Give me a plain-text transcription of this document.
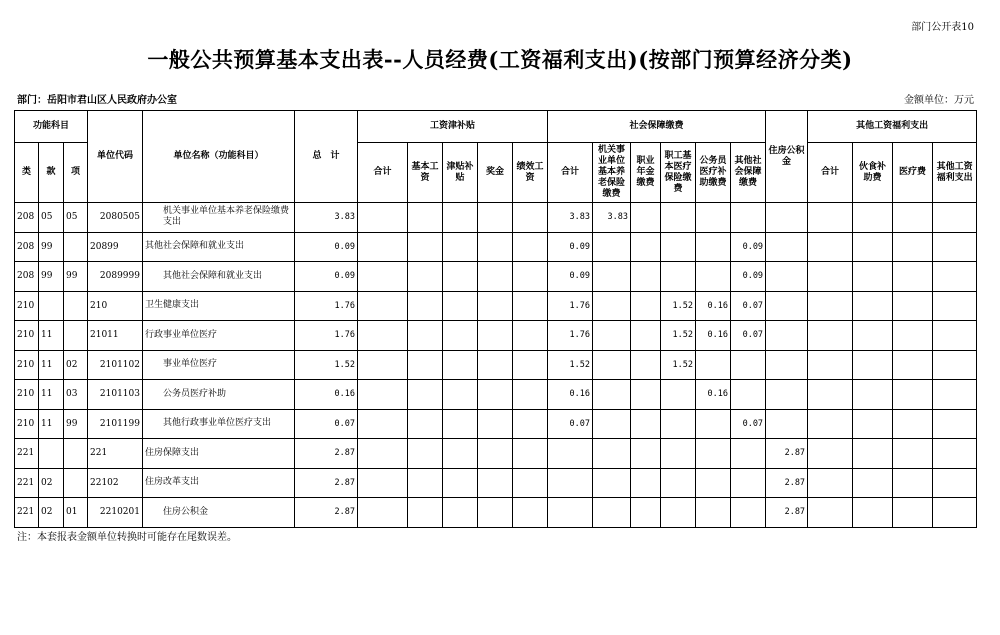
部门公开表10
一般公共预算基本支出表--人员经费(工资福利支出)(按部门预算经济分类)
部门：岳阳市君山区人民政府办公室	金额单位：万元
功能科目			单位代码	单位名称（功能科目）	总　计	工资津补贴					社会保障缴费						住房公积金	其他工资福利支出			
类	款	项				合计	基本工资	津贴补贴	奖金	绩效工资	合计	机关事业单位基本养老保险缴费	职业年金缴费	职工基本医疗保险缴费	公务员医疗补助缴费	其他社会保障缴费		合计	伙食补助费	医疗费	其他工资福利支出
208	05	05	2080505	机关事业单位基本养老保险缴费支出	3.83						3.83	3.83									
208	99		20899	其他社会保障和就业支出	0.09						0.09					0.09					
208	99	99	2089999	其他社会保障和就业支出	0.09						0.09					0.09					
210			210	卫生健康支出	1.76						1.76			1.52	0.16	0.07					
210	11		21011	行政事业单位医疗	1.76						1.76			1.52	0.16	0.07					
210	11	02	2101102	事业单位医疗	1.52						1.52			1.52							
210	11	03	2101103	公务员医疗补助	0.16						0.16				0.16						
210	11	99	2101199	其他行政事业单位医疗支出	0.07						0.07					0.07					
221			221	住房保障支出	2.87												2.87				
221	02		22102	住房改革支出	2.87												2.87				
221	02	01	2210201	住房公积金	2.87												2.87				
注：本套报表金额单位转换时可能存在尾数误差。
